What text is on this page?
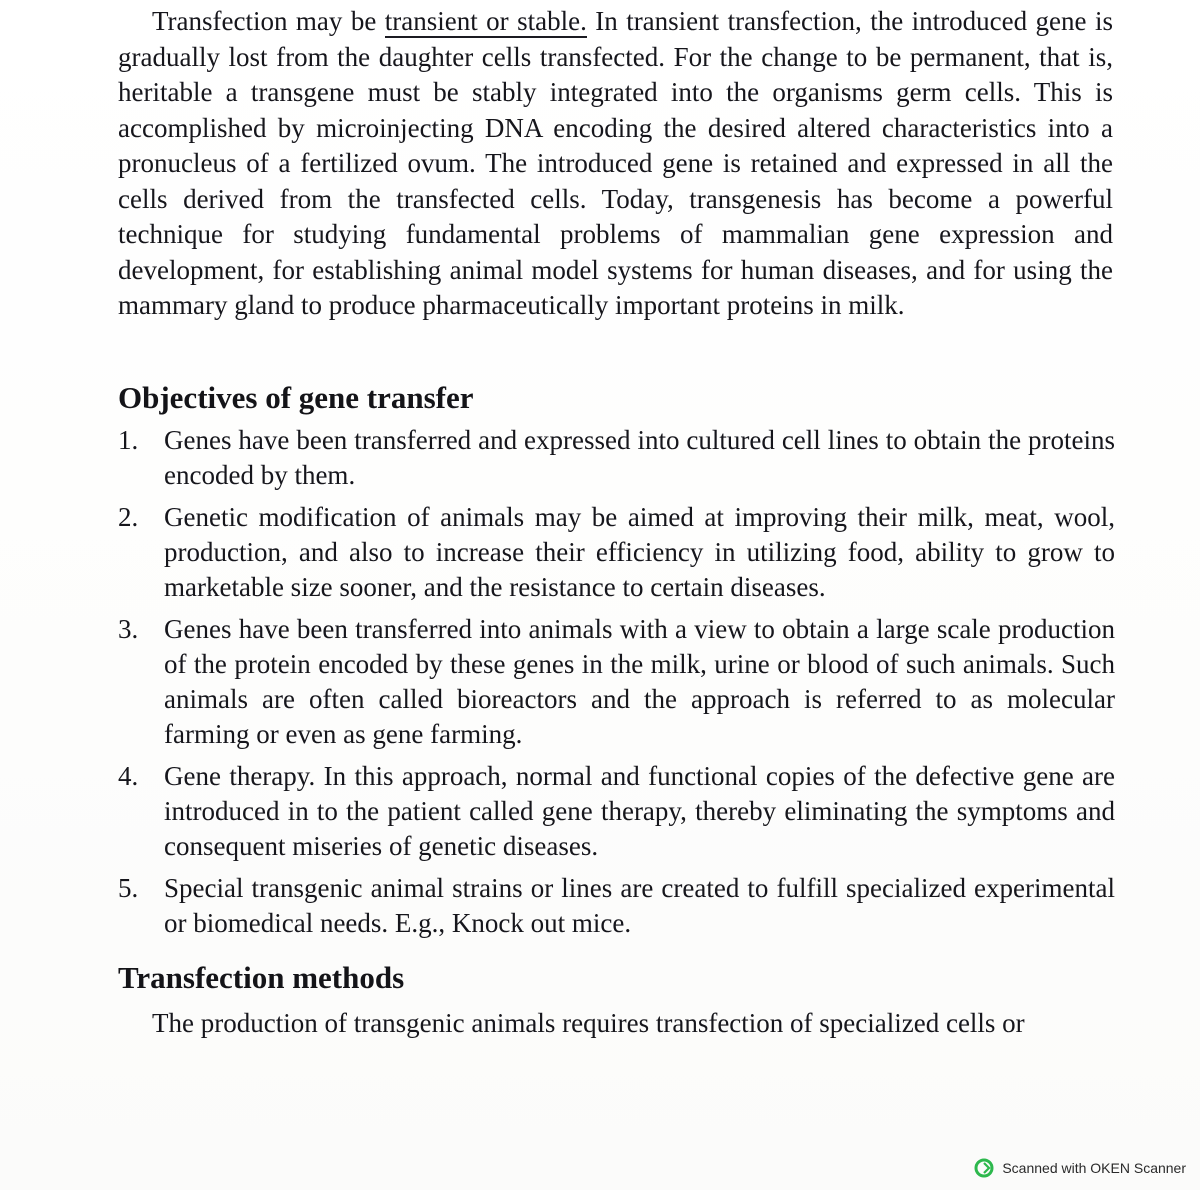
Transfection may be transient or stable. In transient transfection, the introduced gene is gradually lost from the daughter cells transfected. For the change to be permanent, that is, heritable a transgene must be stably integrated into the organisms germ cells. This is accomplished by microinjecting DNA encoding the desired altered characteristics into a pronucleus of a fertilized ovum. The introduced gene is retained and expressed in all the cells derived from the transfected cells. Today, transgenesis has become a powerful technique for studying fundamental problems of mammalian gene expression and development, for establishing animal model systems for human diseases, and for using the mammary gland to produce pharmaceutically important proteins in milk.

Objectives of gene transfer
1. Genes have been transferred and expressed into cultured cell lines to obtain the proteins encoded by them.
2. Genetic modification of animals may be aimed at improving their milk, meat, wool, production, and also to increase their efficiency in utilizing food, ability to grow to marketable size sooner, and the resistance to certain diseases.
3. Genes have been transferred into animals with a view to obtain a large scale production of the protein encoded by these genes in the milk, urine or blood of such animals. Such animals are often called bioreactors and the approach is referred to as molecular farming or even as gene farming.
4. Gene therapy. In this approach, normal and functional copies of the defective gene are introduced in to the patient called gene therapy, thereby eliminating the symptoms and consequent miseries of genetic diseases.
5. Special transgenic animal strains or lines are created to fulfill specialized experimental or biomedical needs. E.g., Knock out mice.
Transfection methods

The production of transgenic animals requires transfection of specialized cells or

Scanned with OKEN Scanner
